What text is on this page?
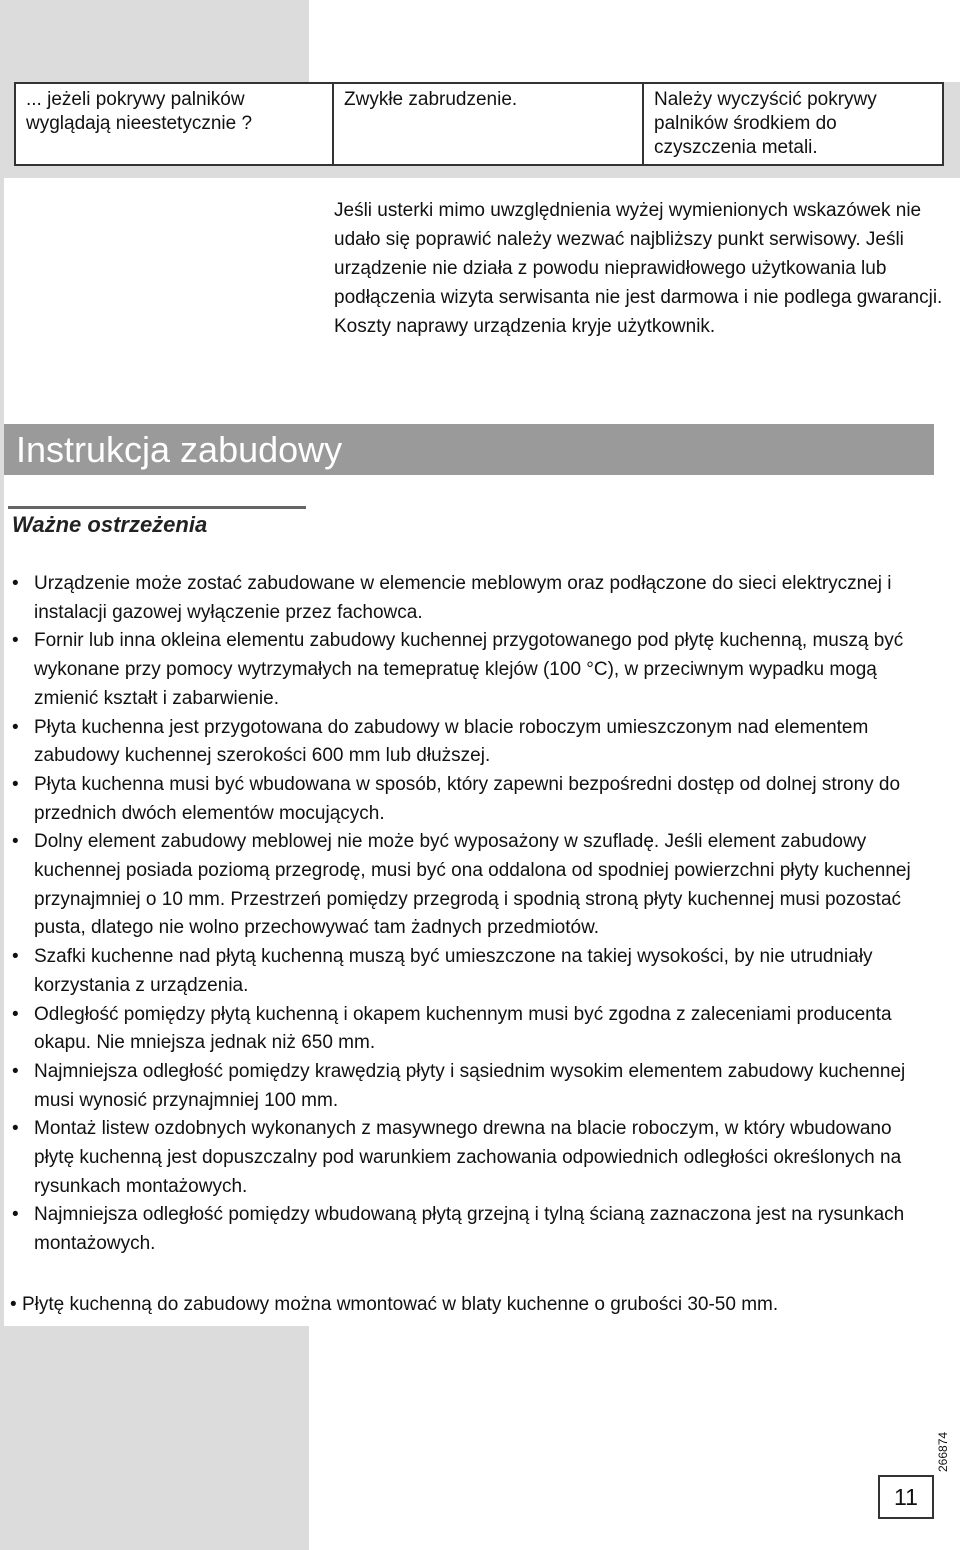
... jeżeli pokrywy palników
wyglądają nieestetycznie ?	Zwykłe zabrudzenie.	Należy wyczyścić pokrywy
palników środkiem do
czyszczenia metali.
Jeśli usterki mimo uwzględnienia wyżej wymienionych wskazówek nie udało się poprawić należy wezwać najbliższy punkt serwisowy. Jeśli urządzenie nie działa z powodu nieprawidłowego użytkowania lub podłączenia wizyta serwisanta nie jest darmowa i nie podlega gwarancji. Koszty naprawy urządzenia kryje użytkownik.
Instrukcja zabudowy
Ważne ostrzeżenia
• Urządzenie może zostać zabudowane w elemencie meblowym oraz podłączone do sieci elektrycznej i instalacji gazowej wyłączenie przez fachowca.
• Fornir lub inna okleina elementu zabudowy kuchennej przygotowanego pod płytę kuchenną, muszą być wykonane przy pomocy wytrzymałych na temepratuę klejów (100 °C), w przeciwnym wypadku mogą zmienić kształt i zabarwienie.
• Płyta kuchenna jest przygotowana do zabudowy w blacie roboczym umieszczonym nad elementem zabudowy kuchennej szerokości 600 mm lub dłuższej.
• Płyta kuchenna musi być wbudowana w sposób, który zapewni bezpośredni dostęp od dolnej strony do przednich dwóch elementów mocujących.
• Dolny element zabudowy meblowej nie może być wyposażony w szufladę. Jeśli element zabudowy kuchennej posiada poziomą przegrodę, musi być ona oddalona od spodniej powierzchni płyty kuchennej przynajmniej o 10 mm. Przestrzeń pomiędzy przegrodą i spodnią stroną płyty kuchennej musi pozostać pusta, dlatego nie wolno przechowywać tam żadnych przedmiotów.
• Szafki kuchenne nad płytą kuchenną muszą być umieszczone na takiej wysokości, by nie utrudniały korzystania z urządzenia.
• Odległość pomiędzy płytą kuchenną i okapem kuchennym musi być zgodna z zaleceniami producenta okapu. Nie mniejsza jednak niż 650 mm.
• Najmniejsza odległość pomiędzy krawędzią płyty i sąsiednim wysokim elementem zabudowy kuchennej musi wynosić przynajmniej 100 mm.
• Montaż listew ozdobnych wykonanych z masywnego drewna na blacie roboczym, w który wbudowano płytę kuchenną jest dopuszczalny pod warunkiem zachowania odpowiednich odległości określonych na rysunkach montażowych.
• Najmniejsza odległość pomiędzy wbudowaną płytą grzejną i tylną ścianą zaznaczona jest na rysunkach montażowych.
• Płytę kuchenną do zabudowy można wmontować w blaty kuchenne o grubości 30-50 mm.
266874
11
